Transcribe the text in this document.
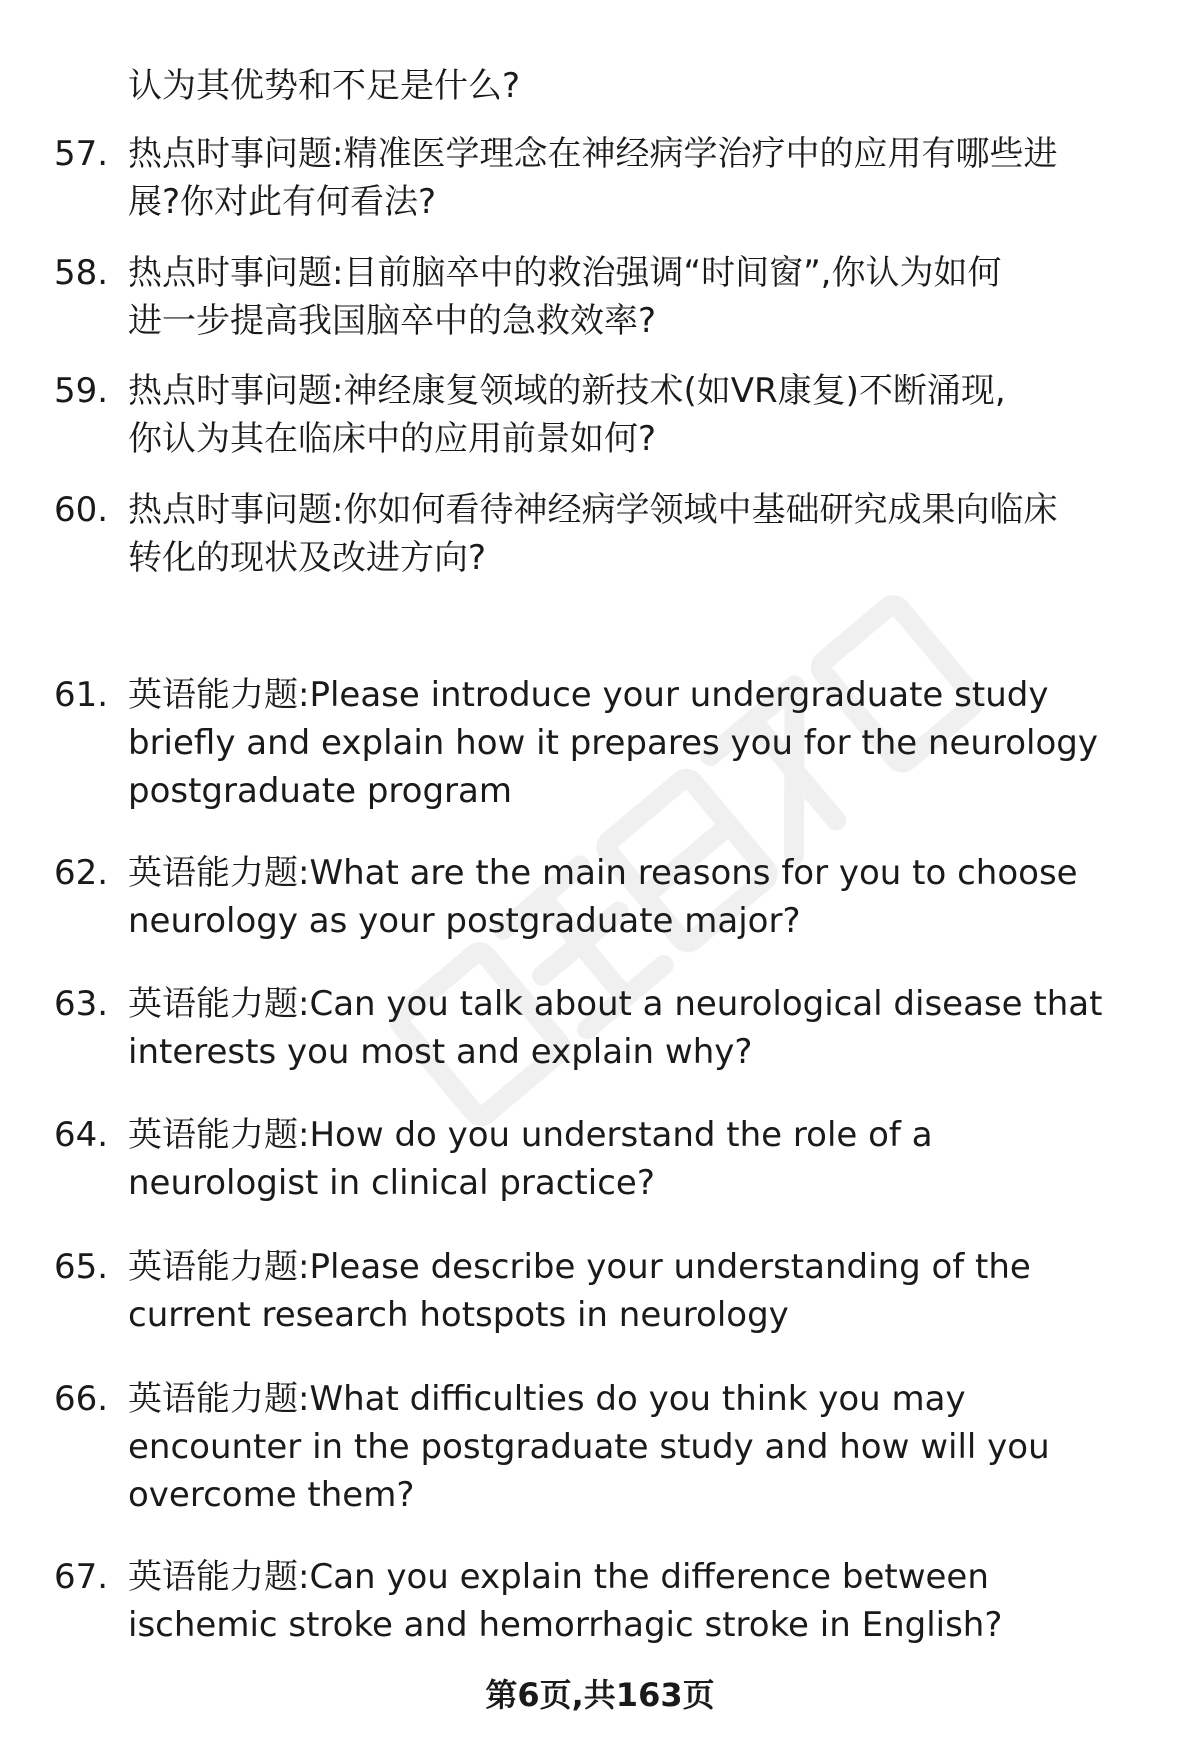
认为其优势和不足是什么?
57. 热点时事问题:精准医学理念在神经病学治疗中的应用有哪些进
展?你对此有何看法?
58. 热点时事问题:目前脑卒中的救治强调“时间窗”,你认为如何
进一步提高我国脑卒中的急救效率?
59. 热点时事问题:神经康复领域的新技术(如VR康复)不断涌现,
你认为其在临床中的应用前景如何?
60. 热点时事问题:你如何看待神经病学领域中基础研究成果向临床
转化的现状及改进方向?
61. 英语能力题:Please introduce your undergraduate study
briefly and explain how it prepares you for the neurology
postgraduate program
62. 英语能力题:What are the main reasons for you to choose
neurology as your postgraduate major?
63. 英语能力题:Can you talk about a neurological disease that
interests you most and explain why?
64. 英语能力题:How do you understand the role of a
neurologist in clinical practice?
65. 英语能力题:Please describe your understanding of the
current research hotspots in neurology
66. 英语能力题:What difficulties do you think you may
encounter in the postgraduate study and how will you
overcome them?
67. 英语能力题:Can you explain the difference between
ischemic stroke and hemorrhagic stroke in English?
第6页,共163页
